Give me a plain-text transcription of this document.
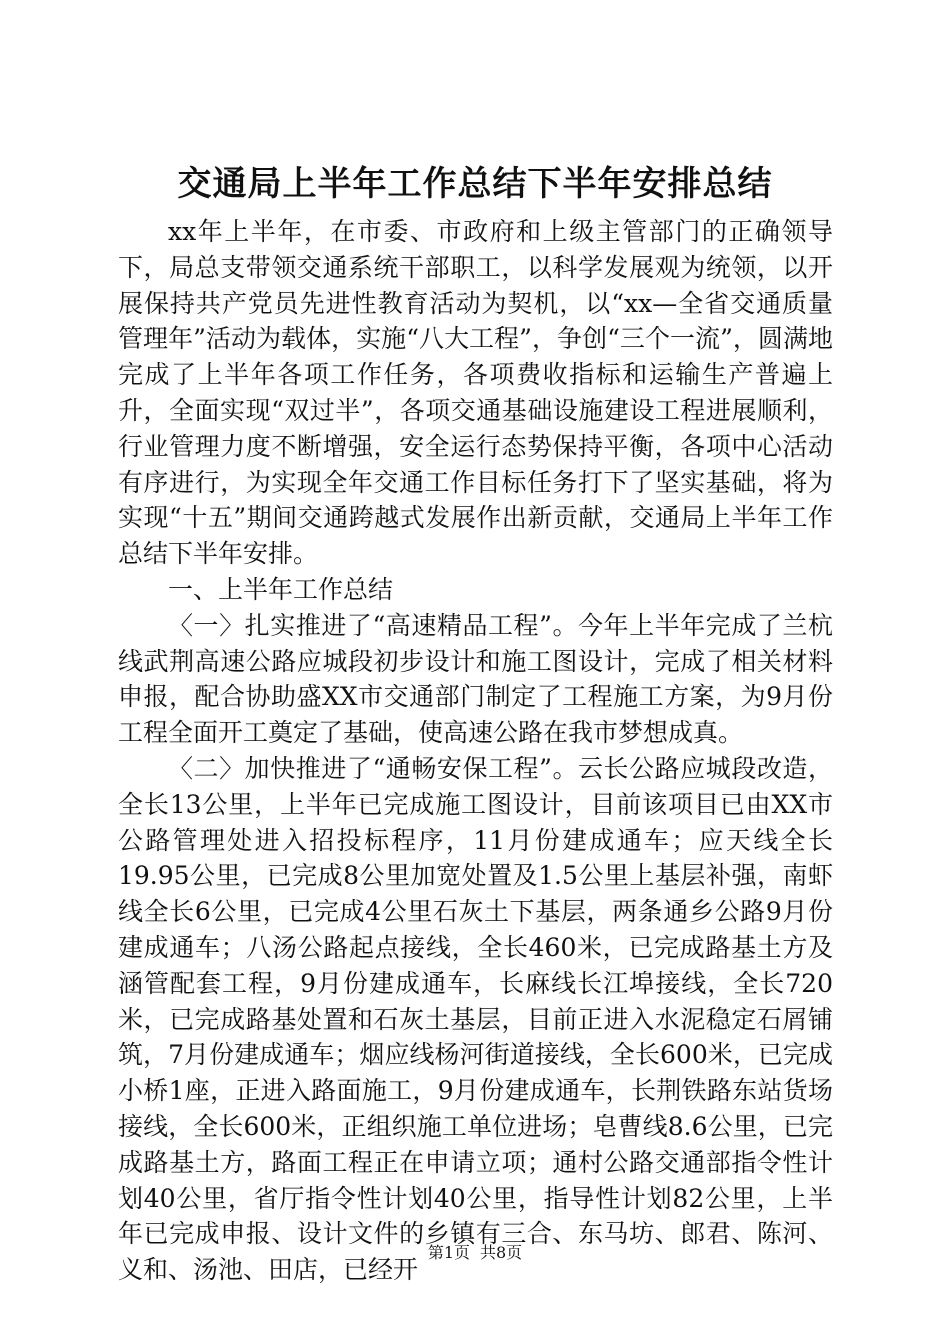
交通局上半年工作总结下半年安排总结

xx年上半年，在市委、市政府和上级主管部门的正确领导下，局总支带领交通系统干部职工，以科学发展观为统领，以开展保持共产党员先进性教育活动为契机，以“xx—全省交通质量管理年”活动为载体，实施“八大工程”，争创“三个一流”，圆满地完成了上半年各项工作任务，各项费收指标和运输生产普遍上升，全面实现“双过半”，各项交通基础设施建设工程进展顺利，行业管理力度不断增强，安全运行态势保持平衡，各项中心活动有序进行，为实现全年交通工作目标任务打下了坚实基础，将为实现“十五”期间交通跨越式发展作出新贡献，交通局上半年工作总结下半年安排。

一、上半年工作总结

〈一〉扎实推进了“高速精品工程”。今年上半年完成了兰杭线武荆高速公路应城段初步设计和施工图设计，完成了相关材料申报，配合协助盛XX市交通部门制定了工程施工方案，为9月份工程全面开工奠定了基础，使高速公路在我市梦想成真。

〈二〉加快推进了“通畅安保工程”。云长公路应城段改造，全长13公里，上半年已完成施工图设计，目前该项目已由XX市公路管理处进入招投标程序，11月份建成通车；应天线全长19.95公里，已完成8公里加宽处置及1.5公里上基层补强，南虾线全长6公里，已完成4公里石灰土下基层，两条通乡公路9月份建成通车；八汤公路起点接线，全长460米，已完成路基土方及涵管配套工程，9月份建成通车，长麻线长江埠接线，全长720米，已完成路基处置和石灰土基层，目前正进入水泥稳定石屑铺筑，7月份建成通车；烟应线杨河街道接线，全长600米，已完成小桥1座，正进入路面施工，9月份建成通车，长荆铁路东站货场接线，全长600米，正组织施工单位进场；皂曹线8.6公里，已完成路基土方，路面工程正在申请立项；通村公路交通部指令性计划40公里，省厅指令性计划40公里，指导性计划82公里，上半年已完成申报、设计文件的乡镇有三合、东马坊、郎君、陈河、义和、汤池、田店，已经开

第1页 共8页
